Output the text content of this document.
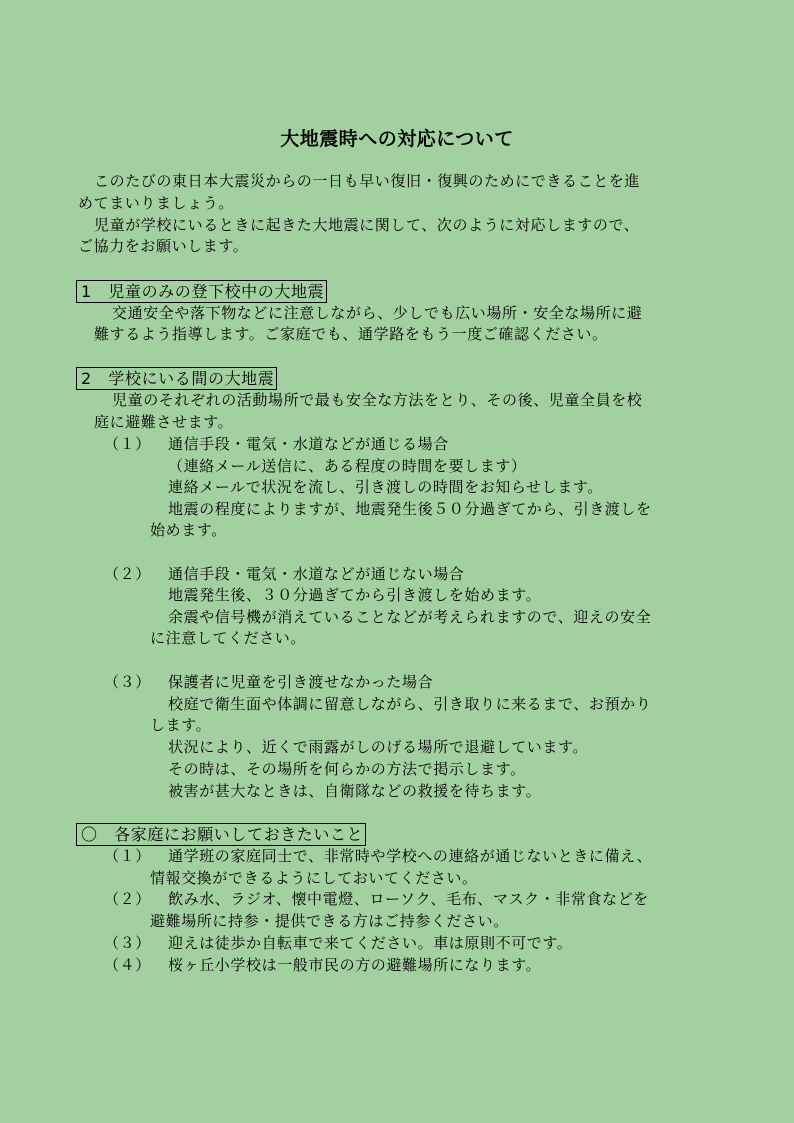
大地震時への対応について
このたびの東日本大震災からの一日も早い復旧・復興のためにできることを進
めてまいりましょう。
児童が学校にいるときに起きた大地震に関して、次のように対応しますので、
ご協力をお願いします。
1　児童のみの登下校中の大地震
交通安全や落下物などに注意しながら、少しでも広い場所・安全な場所に避
難するよう指導します。ご家庭でも、通学路をもう一度ご確認ください。
2　学校にいる間の大地震
児童のそれぞれの活動場所で最も安全な方法をとり、その後、児童全員を校
庭に避難させます。
（１） 通信手段・電気・水道などが通じる場合
（連絡メール送信に、ある程度の時間を要します）
連絡メールで状況を流し、引き渡しの時間をお知らせします。
地震の程度によりますが、地震発生後５０分過ぎてから、引き渡しを
始めます。
（２） 通信手段・電気・水道などが通じない場合
地震発生後、３０分過ぎてから引き渡しを始めます。
余震や信号機が消えていることなどが考えられますので、迎えの安全
に注意してください。
（３） 保護者に児童を引き渡せなかった場合
校庭で衛生面や体調に留意しながら、引き取りに来るまで、お預かり
します。
状況により、近くで雨露がしのげる場所で退避しています。
その時は、その場所を何らかの方法で掲示します。
被害が甚大なときは、自衛隊などの救援を待ちます。
〇　各家庭にお願いしておきたいこと
（１） 通学班の家庭同士で、非常時や学校への連絡が通じないときに備え、
情報交換ができるようにしておいてください。
（２） 飲み水、ラジオ、懐中電燈、ローソク、毛布、マスク・非常食などを
避難場所に持参・提供できる方はご持参ください。
（３） 迎えは徒歩か自転車で来てください。車は原則不可です。
（４） 桜ヶ丘小学校は一般市民の方の避難場所になります。
